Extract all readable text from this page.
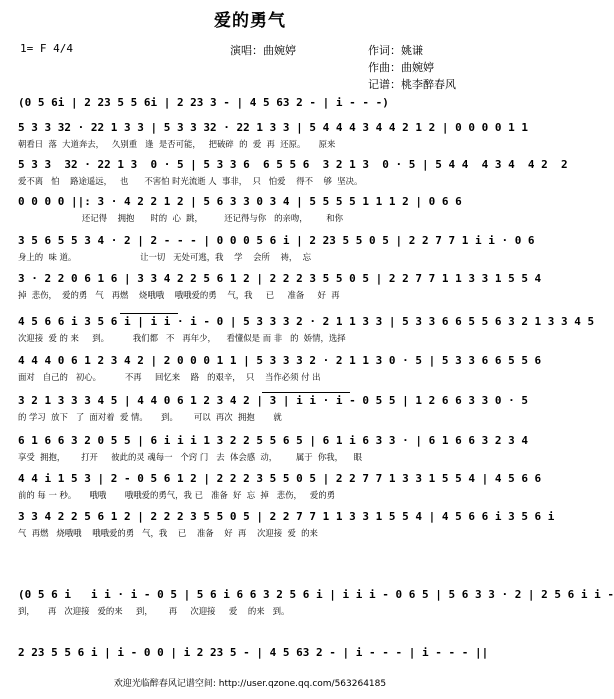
爱的勇气
1= F 4/4	演唱：曲婉婷	作词：姚谦
作曲：曲婉婷
记谱：桃李醉春风
(0 5 6i | 2 23 5 5 6i | 2 23 3 - | 4 5 63 2 - | i - - -)
5 3 3 32 · 22 1 3 3 | 5 3 3 32 · 22 1 3 3 | 5 4 4 4 3 4 4 2 1 2 | 0 0 0 0 1 1
朝看日  落  大道奔去，   久别重   逢  是否可能，   把破碎  的  爱  再  还原。     原来
5 3 3  32 · 22 1 3  0 · 5 | 5 3 3 6  6 5 5 6  3 2 1 3  0 · 5 | 5 4 4  4 3 4  4 2  2
爱不离   怕    路途遥远，   也      不害怕 时光流逝 人  事非，  只   怕爱    得不    够  坚决。
0 0 0 0 ||: 3 · 4 2 2 1 2 | 5 6 3 3 0 3 4 | 5 5 5 5 1 1 1 2 | 0 6 6
还记得    拥抱      时的  心  跳，        还记得与你   的亲吻，       和你
3 5 6 5 5 3 4 · 2 | 2 - - - | 0 0 0 5 6 i | 2 23 5 5 0 5 | 2 2 7 7 1 i i · 0 6
身上的  味 道。                        让一切   无处可逃，我    学    会所    祷，  忘
3 · 2 2 0 6 1 6 | 3 3 4 2 2 5 6 1 2 | 2 2 2 3 5 5 0 5 | 2 2 7 7 1 1 3 3 1 5 5 4
掉  悲伤，  爱的勇   气   再燃    烧哦哦    哦哦爱的勇    气，我     已     准备     好  再
4 5 6 6 i 3 5 6 i | i i · i - 0 | 5 3 3 3 2 · 2 1 1 3 3 | 5 3 3 6 6 5 5 6 3 2 1 3 3 4 5
次迎接  爱 的 来     到。         我们都   不   再年少，    看懂似是 而 非   的  娇情，选择
4 4 4 0 6 1 2 3 4 2 | 2 0 0 0 1 1 | 5 3 3 3 2 · 2 1 1 3 0 · 5 | 5 3 3 6 6 5 5 6
面对   自己的   初心。         不再     回忆来    路   的艰辛，  只    当作必须 付 出
3 2 1 3 3 3 4 5 | 4 4 0 6 1 2 3 4 2 | 3 | i i · i - 0 5 5 | 1 2 6 6 3 3 0 · 5
的 学习  放下   了  面对着  爱 情。     到。      可以  再次  拥抱       就
6 1 6 6 3 2 0 5 5 | 6 i i i 1 3 2 2 5 5 6 5 | 6 1 i 6 3 3 · | 6 1 6 6 3 2 3 4
享受  拥抱，      打开     彼此的灵 魂每一   个窍 门   去  体会感  动，       属于  你我，    眼
4 4 i 1 5 3 | 2 - 0 5 6 1 2 | 2 2 2 3 5 5 0 5 | 2 2 7 7 1 3 3 1 5 5 4 | 4 5 6 6
前的 每 一 秒。     哦哦       哦哦爱的勇气，我 已   准备  好  忘  掉   悲伤，   爱的勇
3 3 4 2 2 5 6 1 2 | 2 2 2 3 5 5 0 5 | 2 2 7 7 1 1 3 3 1 5 5 4 | 4 5 6 6 i 3 5 6 i
气  再燃   烧哦哦    哦哦爱的勇   气，我    已    准备    好  再    次迎接  爱  的来
(0 5 6 i   i i · i - 0 5 | 5 6 i 6 6 3 2 5 6 i | i i i - 0 6 5 | 5 6 3 3 · 2 | 2 5 6 i i -
到，     再   次迎接   爱的来     到，      再     次迎接     爱    的来   到。
2 23 5 5 6 i | i - 0 0 | i 2 23 5 - | 4 5 63 2 - | i - - - | i - - - ||
欢迎光临醉春风记谱空间: http://user.qzone.qq.com/563264185
